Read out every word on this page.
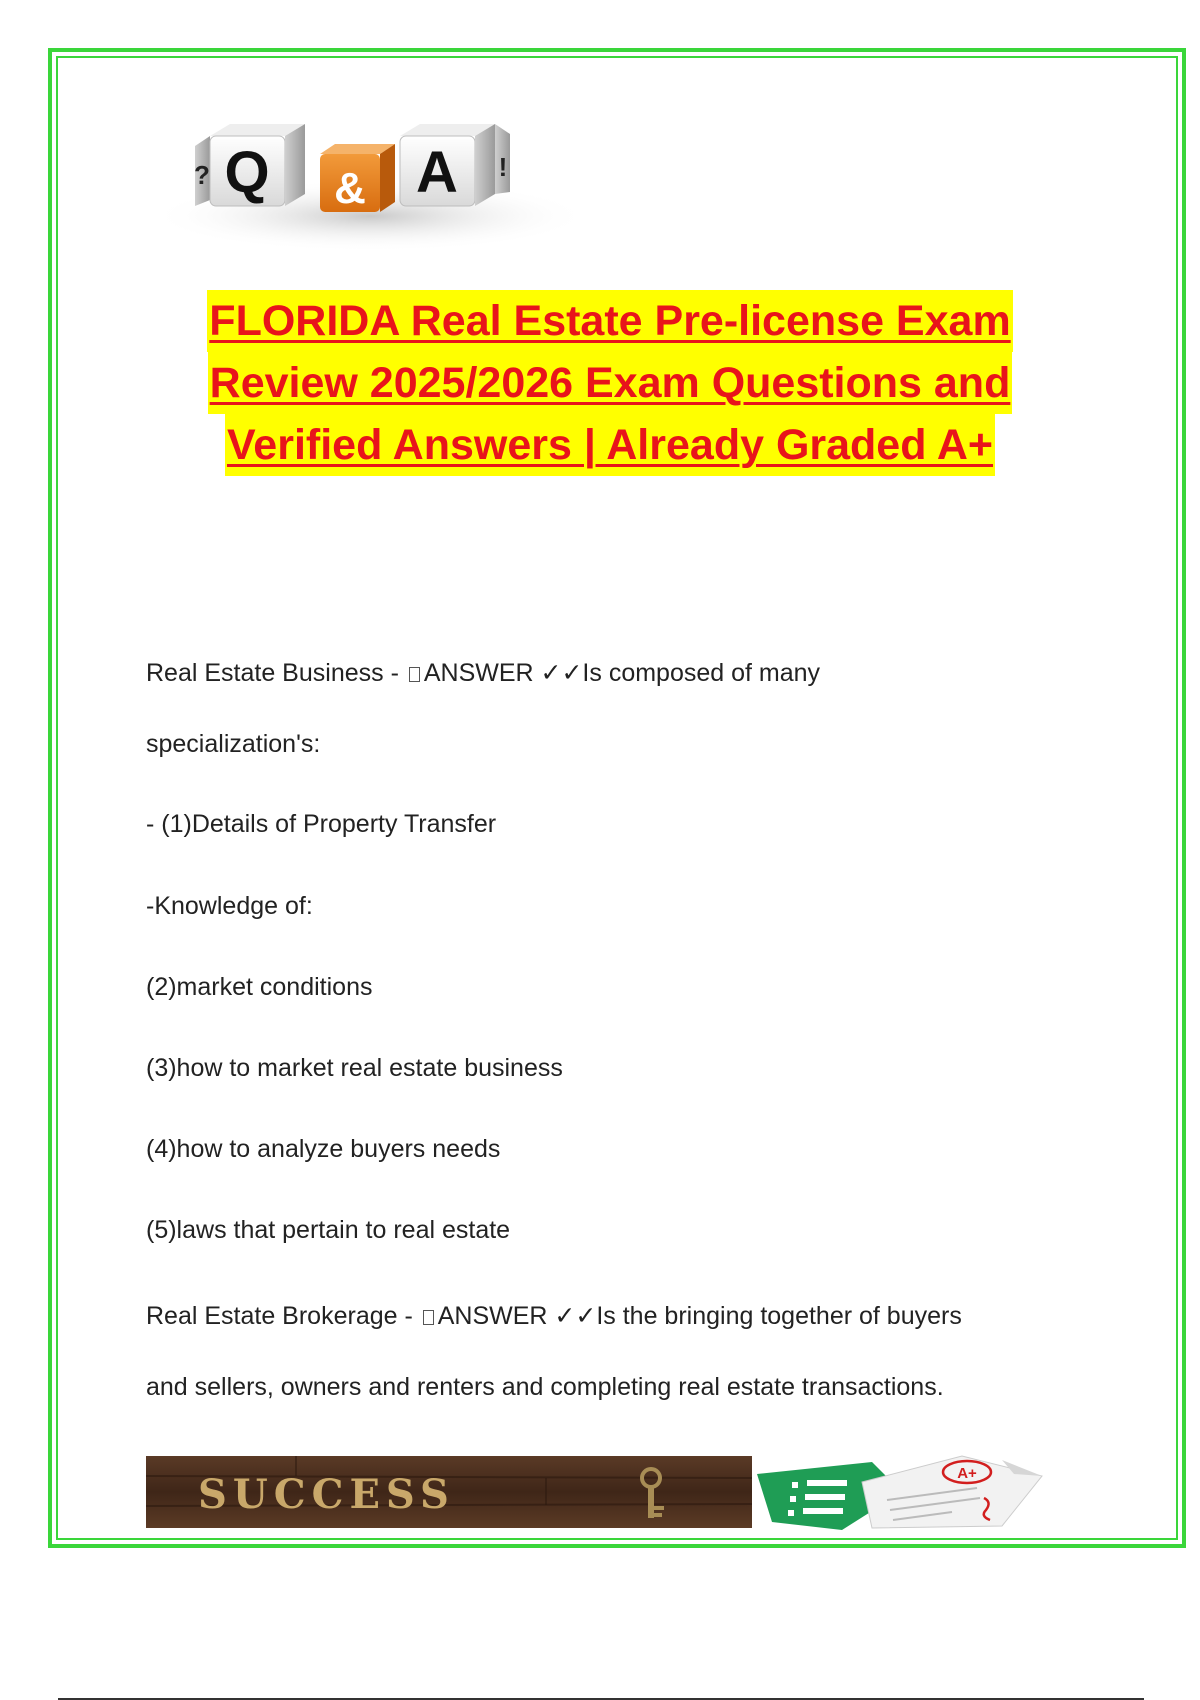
? Q & A !
FLORIDA Real Estate Pre-license Exam
Review 2025/2026 Exam Questions and
Verified Answers | Already Graded A+

Real Estate Business - ANSWER ✓✓Is composed of many

specialization's:

- (1)Details of Property Transfer

-Knowledge of:

(2)market conditions

(3)how to market real estate business

(4)how to analyze buyers needs

(5)laws that pertain to real estate

Real Estate Brokerage - ANSWER ✓✓Is the bringing together of buyers

and sellers, owners and renters and completing real estate transactions.

SUCCESS	A+
